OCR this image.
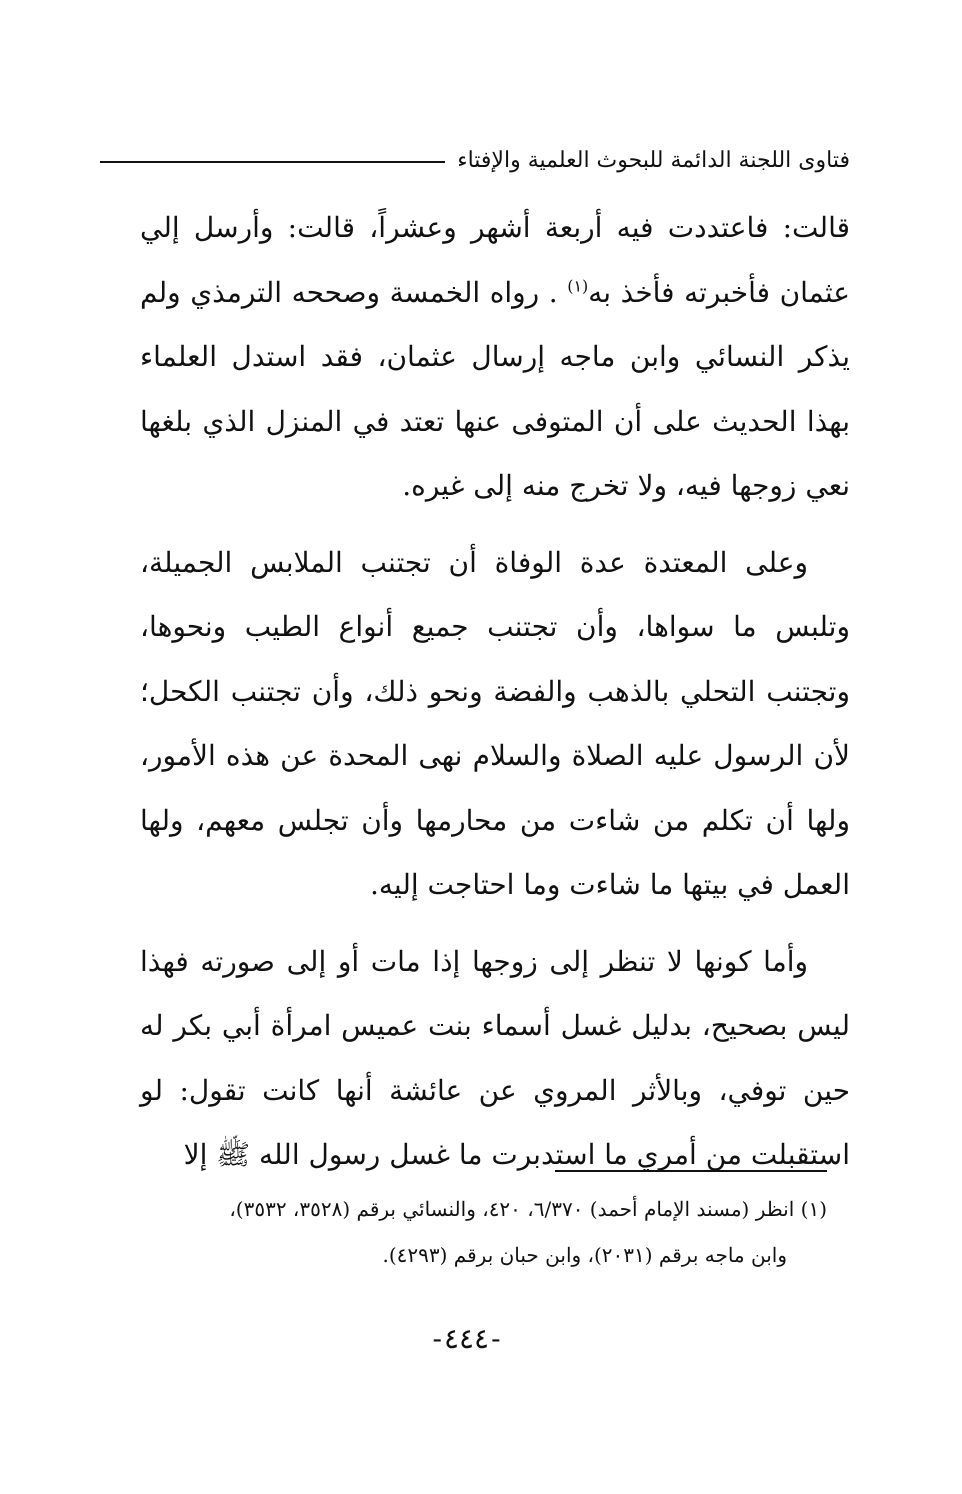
فتاوى اللجنة الدائمة للبحوث العلمية والإفتاء

قالت: فاعتددت فيه أربعة أشهر وعشراً، قالت: وأرسل إلي عثمان فأخبرته فأخذ به$^{(١)}$ . رواه الخمسة وصححه الترمذي ولم يذكر النسائي وابن ماجه إرسال عثمان، فقد استدل العلماء بهذا الحديث على أن المتوفى عنها تعتد في المنزل الذي بلغها نعي زوجها فيه، ولا تخرج منه إلى غيره.

وعلى المعتدة عدة الوفاة أن تجتنب الملابس الجميلة، وتلبس ما سواها، وأن تجتنب جميع أنواع الطيب ونحوها، وتجتنب التحلي بالذهب والفضة ونحو ذلك، وأن تجتنب الكحل؛ لأن الرسول عليه الصلاة والسلام نهى المحدة عن هذه الأمور، ولها أن تكلم من شاءت من محارمها وأن تجلس معهم، ولها العمل في بيتها ما شاءت وما احتاجت إليه.

وأما كونها لا تنظر إلى زوجها إذا مات أو إلى صورته فهذا ليس بصحيح، بدليل غسل أسماء بنت عميس امرأة أبي بكر له حين توفي، وبالأثر المروي عن عائشة أنها كانت تقول: لو استقبلت من أمري ما استدبرت ما غسل رسول الله ﷺ إلا

(١) انظر (مسند الإمام أحمد) ٦/٣٧٠، ٤٢٠، والنسائي برقم (٣٥٢٨، ٣٥٣٢)،

وابن ماجه برقم (٢٠٣١)، وابن حبان برقم (٤٢٩٣).

-٤٤٤-
